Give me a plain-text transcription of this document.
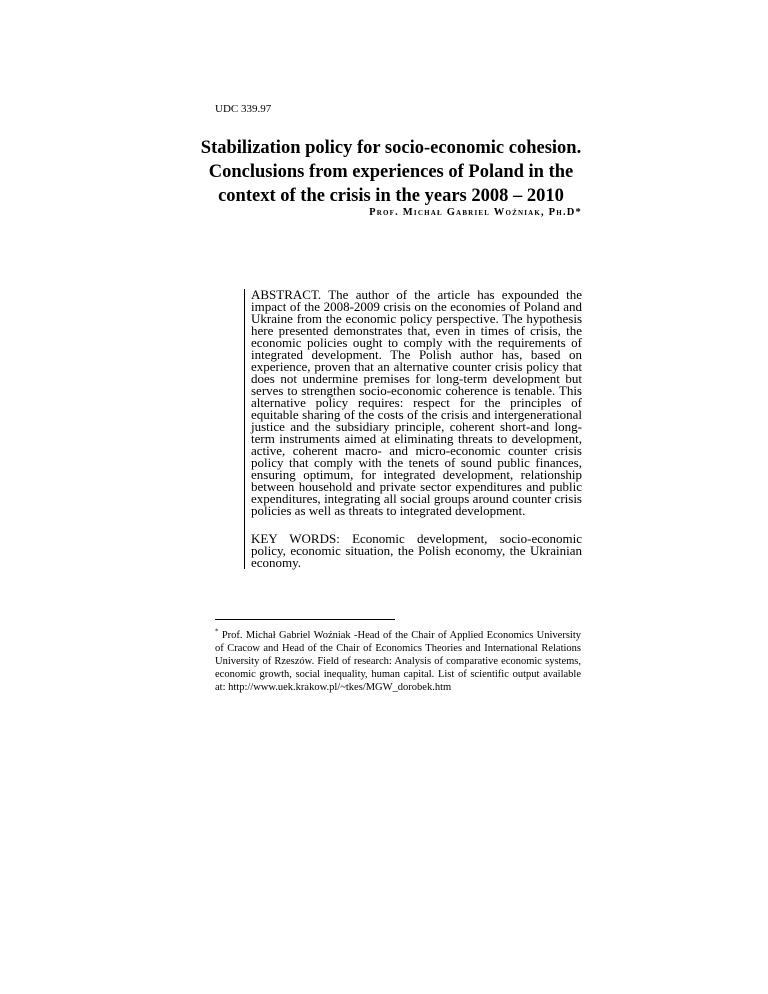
UDC 339.97
Stabilization policy for socio-economic cohesion. Conclusions from experiences of Poland in the context of the crisis in the years 2008 – 2010
Prof. Michał Gabriel Woźniak, Ph.D*

ABSTRACT. The author of the article has expounded the impact of the 2008-2009 crisis on the economies of Poland and Ukraine from the economic policy perspective. The hypothesis here presented demonstrates that, even in times of crisis, the economic policies ought to comply with the requirements of integrated development. The Polish author has, based on experience, proven that an alternative counter crisis policy that does not undermine premises for long-term development but serves to strengthen socio-economic coherence is tenable. This alternative policy requires: respect for the principles of equitable sharing of the costs of the crisis and intergenerational justice and the subsidiary principle, coherent short-and long-term instruments aimed at eliminating threats to development, active, coherent macro- and micro-economic counter crisis policy that comply with the tenets of sound public finances, ensuring optimum, for integrated development, relationship between household and private sector expenditures and public expenditures, integrating all social groups around counter crisis policies as well as threats to integrated development.

KEY WORDS: Economic development, socio-economic policy, economic situation, the Polish economy, the Ukrainian economy.

* Prof. Michał Gabriel Woźniak -Head of the Chair of Applied Economics University of Cracow and Head of the Chair of Economics Theories and International Relations University of Rzeszów. Field of research: Analysis of comparative economic systems, economic growth, social inequality, human capital. List of scientific output available at: http://www.uek.krakow.pl/~tkes/MGW_dorobek.htm
